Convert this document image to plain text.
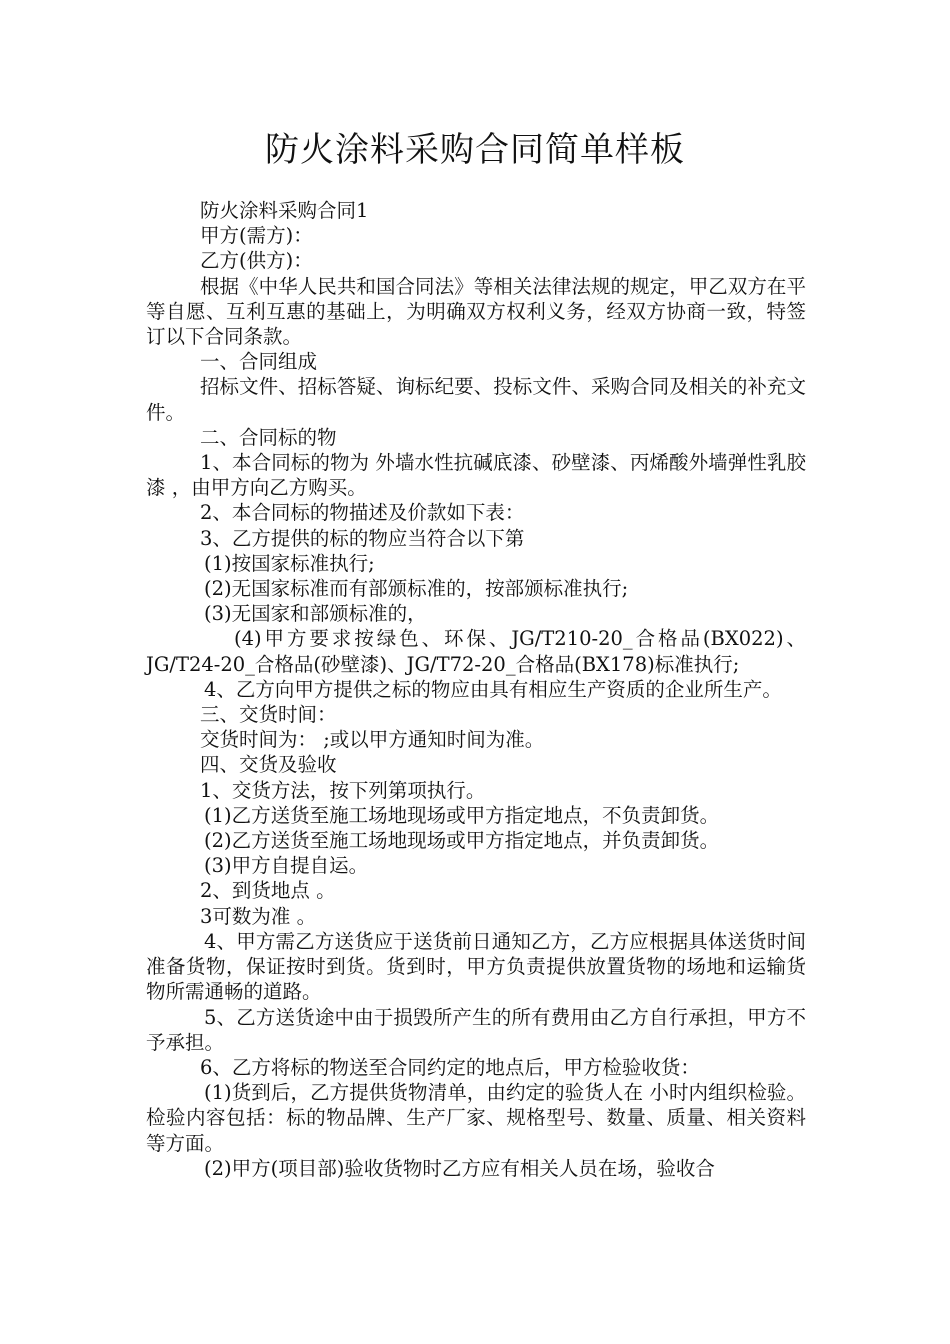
防火涂料采购合同简单样板

防火涂料采购合同1

甲方(需方)：

乙方(供方)：

根据《中华人民共和国合同法》等相关法律法规的规定，甲乙双方在平等自愿、互利互惠的基础上，为明确双方权利义务，经双方协商一致，特签订以下合同条款。

一、合同组成

招标文件、招标答疑、询标纪要、投标文件、采购合同及相关的补充文件。

二、合同标的物

1、本合同标的物为 外墙水性抗碱底漆、砂壁漆、丙烯酸外墙弹性乳胶漆 ，由甲方向乙方购买。

2、本合同标的物描述及价款如下表：

3、乙方提供的标的物应当符合以下第

(1)按国家标准执行;

(2)无国家标准而有部颁标准的，按部颁标准执行;

(3)无国家和部颁标准的，

(4)甲方要求按绿色、环保、JG/T210-20_合格品(BX022)、JG/T24-20_合格品(砂壁漆)、JG/T72-20_合格品(BX178)标准执行;

4、乙方向甲方提供之标的物应由具有相应生产资质的企业所生产。

三、交货时间：

交货时间为： ;或以甲方通知时间为准。

四、交货及验收

1、交货方法，按下列第项执行。

(1)乙方送货至施工场地现场或甲方指定地点，不负责卸货。

(2)乙方送货至施工场地现场或甲方指定地点，并负责卸货。

(3)甲方自提自运。

2、到货地点 。

3可数为准 。

4、甲方需乙方送货应于送货前日通知乙方，乙方应根据具体送货时间准备货物，保证按时到货。货到时，甲方负责提供放置货物的场地和运输货物所需通畅的道路。

5、乙方送货途中由于损毁所产生的所有费用由乙方自行承担，甲方不予承担。

6、乙方将标的物送至合同约定的地点后，甲方检验收货：

(1)货到后，乙方提供货物清单，由约定的验货人在 小时内组织检验。检验内容包括：标的物品牌、生产厂家、规格型号、数量、质量、相关资料等方面。

(2)甲方(项目部)验收货物时乙方应有相关人员在场，验收合
